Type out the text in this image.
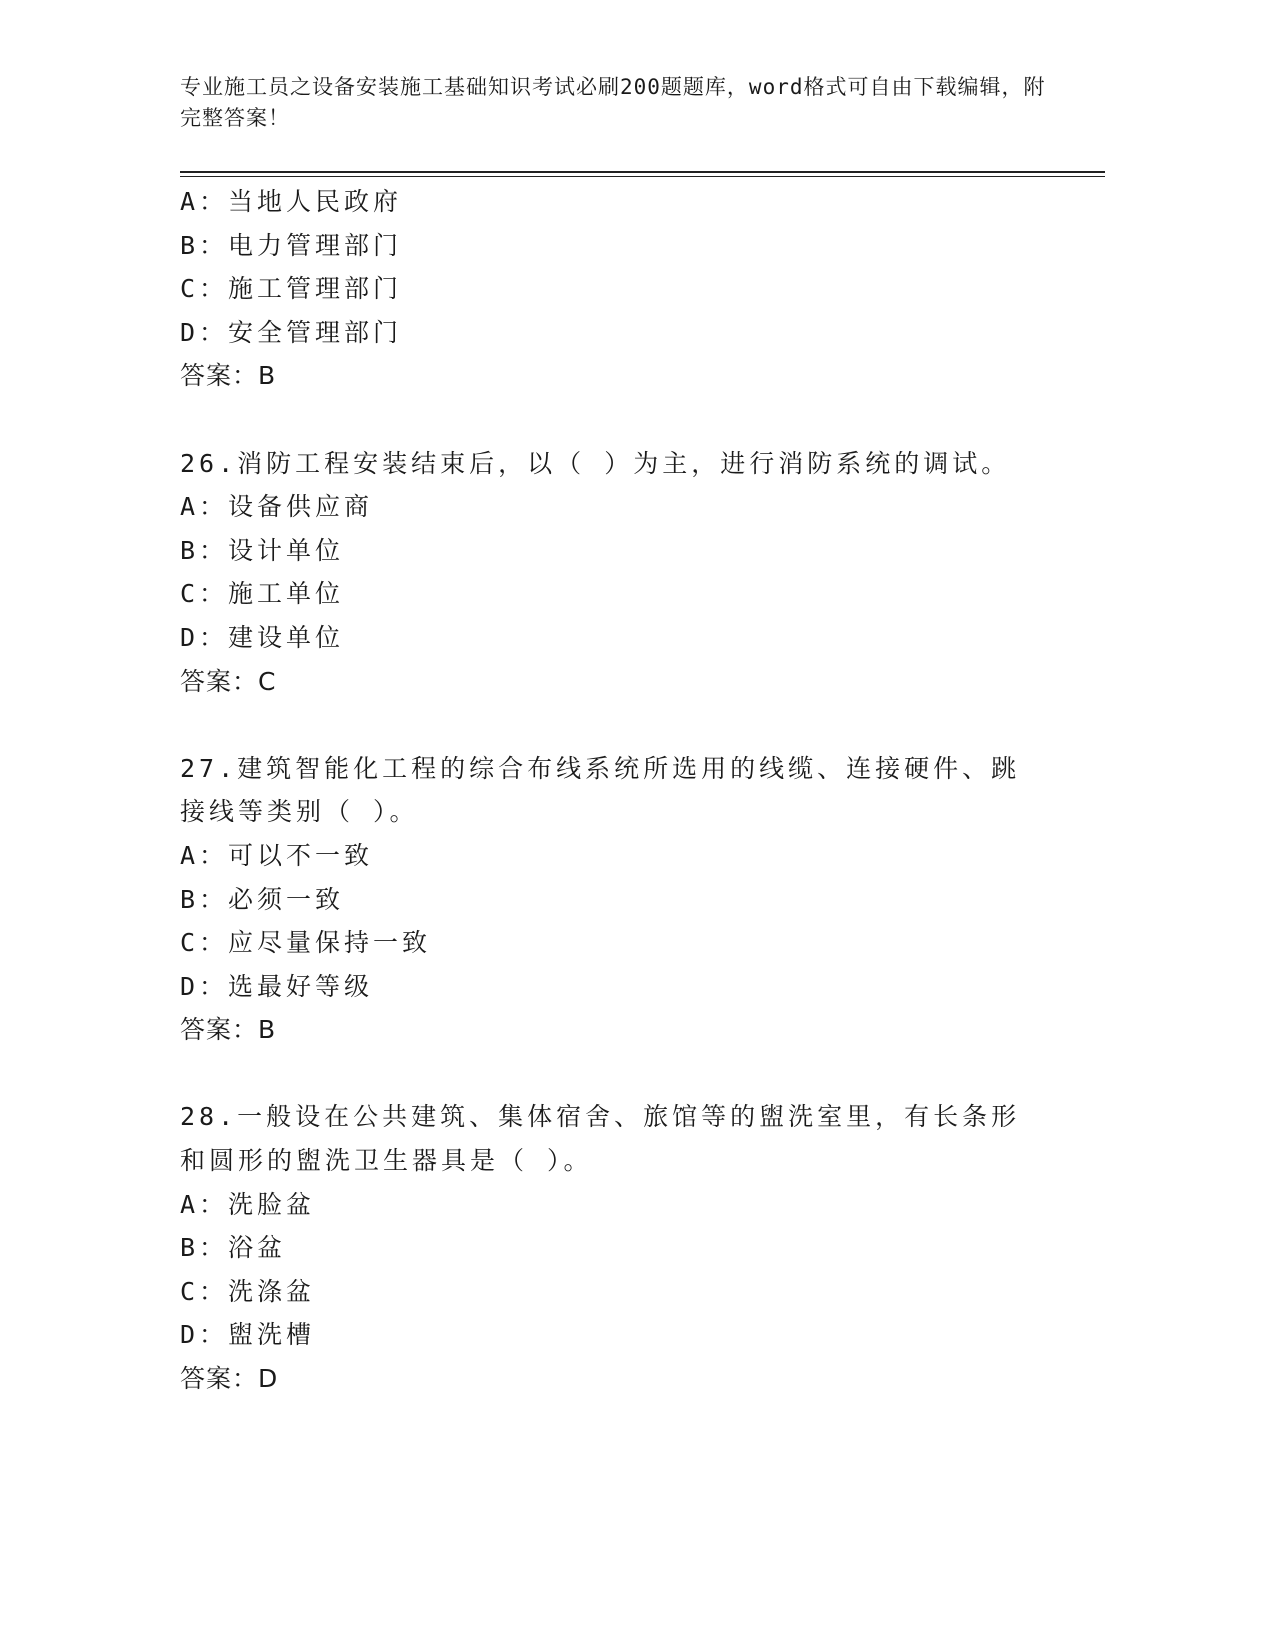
专业施工员之设备安装施工基础知识考试必刷200题题库，word格式可自由下载编辑，附完整答案！
A：当地人民政府
B：电力管理部门
C：施工管理部门
D：安全管理部门
答案：B
26.消防工程安装结束后，以（ ）为主，进行消防系统的调试。
A：设备供应商
B：设计单位
C：施工单位
D：建设单位
答案：C
27.建筑智能化工程的综合布线系统所选用的线缆、连接硬件、跳接线等类别（ ）。
A：可以不一致
B：必须一致
C：应尽量保持一致
D：选最好等级
答案：B
28.一般设在公共建筑、集体宿舍、旅馆等的盥洗室里，有长条形和圆形的盥洗卫生器具是（ ）。
A：洗脸盆
B：浴盆
C：洗涤盆
D：盥洗槽
答案：D
